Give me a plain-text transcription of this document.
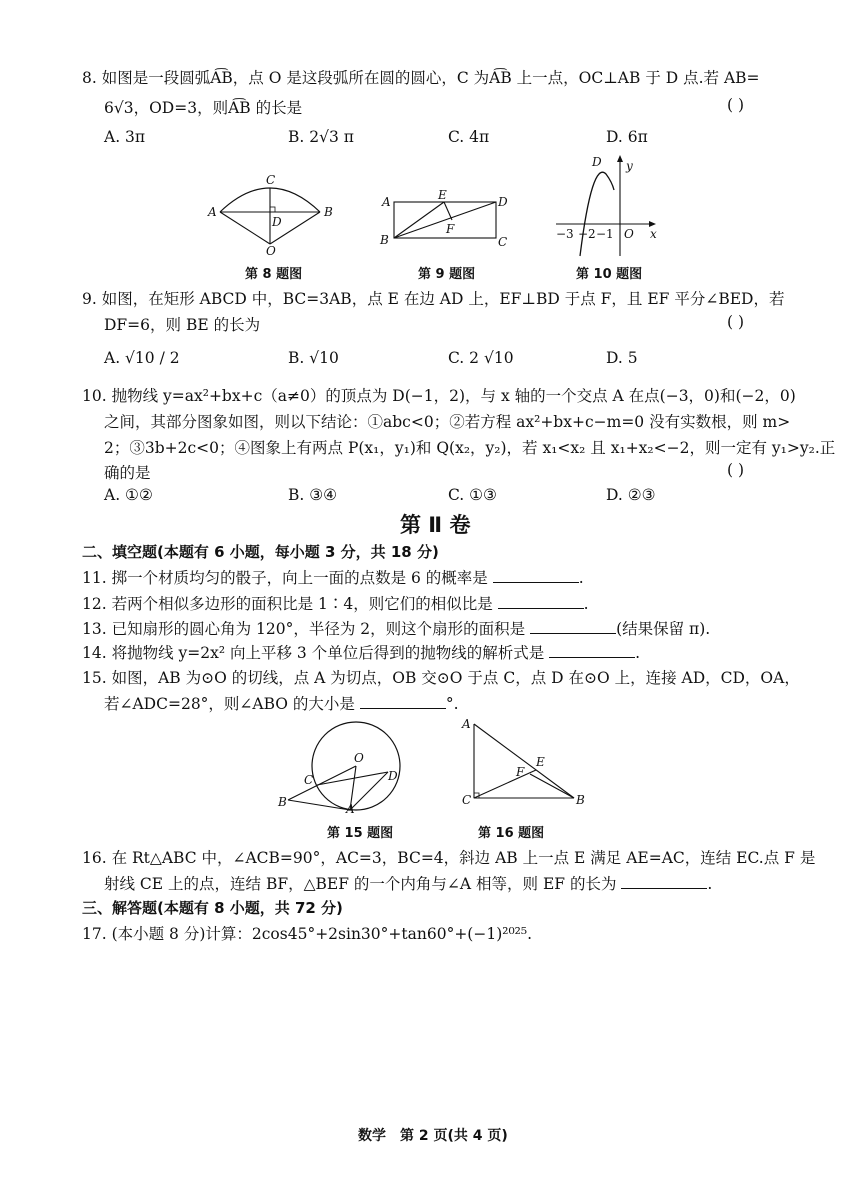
8. 如图是一段圆弧A͡B，点 O 是这段弧所在圆的圆心，C 为A͡B 上一点，OC⊥AB 于 D 点.若 AB=
6√3，OD=3，则A͡B 的长是	( )
A. 3π	B. 2√3 π	C. 4π	D. 6π
C
A	B
D
O
A	E	D
F
B	C
D y
−3 −2 −1 O x
第 8 题图	第 9 题图	第 10 题图
9. 如图，在矩形 ABCD 中，BC=3AB，点 E 在边 AD 上，EF⊥BD 于点 F，且 EF 平分∠BED，若
DF=6，则 BE 的长为	( )
A. √10 / 2	B. √10	C. 2 √10	D. 5
10. 抛物线 y=ax²+bx+c（a≠0）的顶点为 D(−1，2)，与 x 轴的一个交点 A 在点(−3，0)和(−2，0)
之间，其部分图象如图，则以下结论：①abc<0；②若方程 ax²+bx+c−m=0 没有实数根，则 m>
2；③3b+2c<0；④图象上有两点 P(x₁，y₁)和 Q(x₂，y₂)，若 x₁<x₂ 且 x₁+x₂<−2，则一定有 y₁>y₂.正
确的是	( )
A. ①②	B. ③④	C. ①③	D. ②③
第 Ⅱ 卷
二、填空题(本题有 6 小题，每小题 3 分，共 18 分)
11. 掷一个材质均匀的骰子，向上一面的点数是 6 的概率是	.
12. 若两个相似多边形的面积比是 1∶4，则它们的相似比是	.
13. 已知扇形的圆心角为 120°，半径为 2，则这个扇形的面积是	(结果保留 π).
14. 将抛物线 y=2x² 向上平移 3 个单位后得到的抛物线的解析式是	.
15. 如图，AB 为⊙O 的切线，点 A 为切点，OB 交⊙O 于点 C，点 D 在⊙O 上，连接 AD，CD，OA，
若∠ADC=28°，则∠ABO 的大小是	°.
O
C	D
B	A
A
E
F
C	B
第 15 题图	第 16 题图
16. 在 Rt△ABC 中，∠ACB=90°，AC=3，BC=4，斜边 AB 上一点 E 满足 AE=AC，连结 EC.点 F 是
射线 CE 上的点，连结 BF，△BEF 的一个内角与∠A 相等，则 EF 的长为	.
三、解答题(本题有 8 小题，共 72 分)
17. (本小题 8 分)计算：2cos45°+2sin30°+tan60°+(−1)²⁰²⁵.
数学　第 2 页(共 4 页)
